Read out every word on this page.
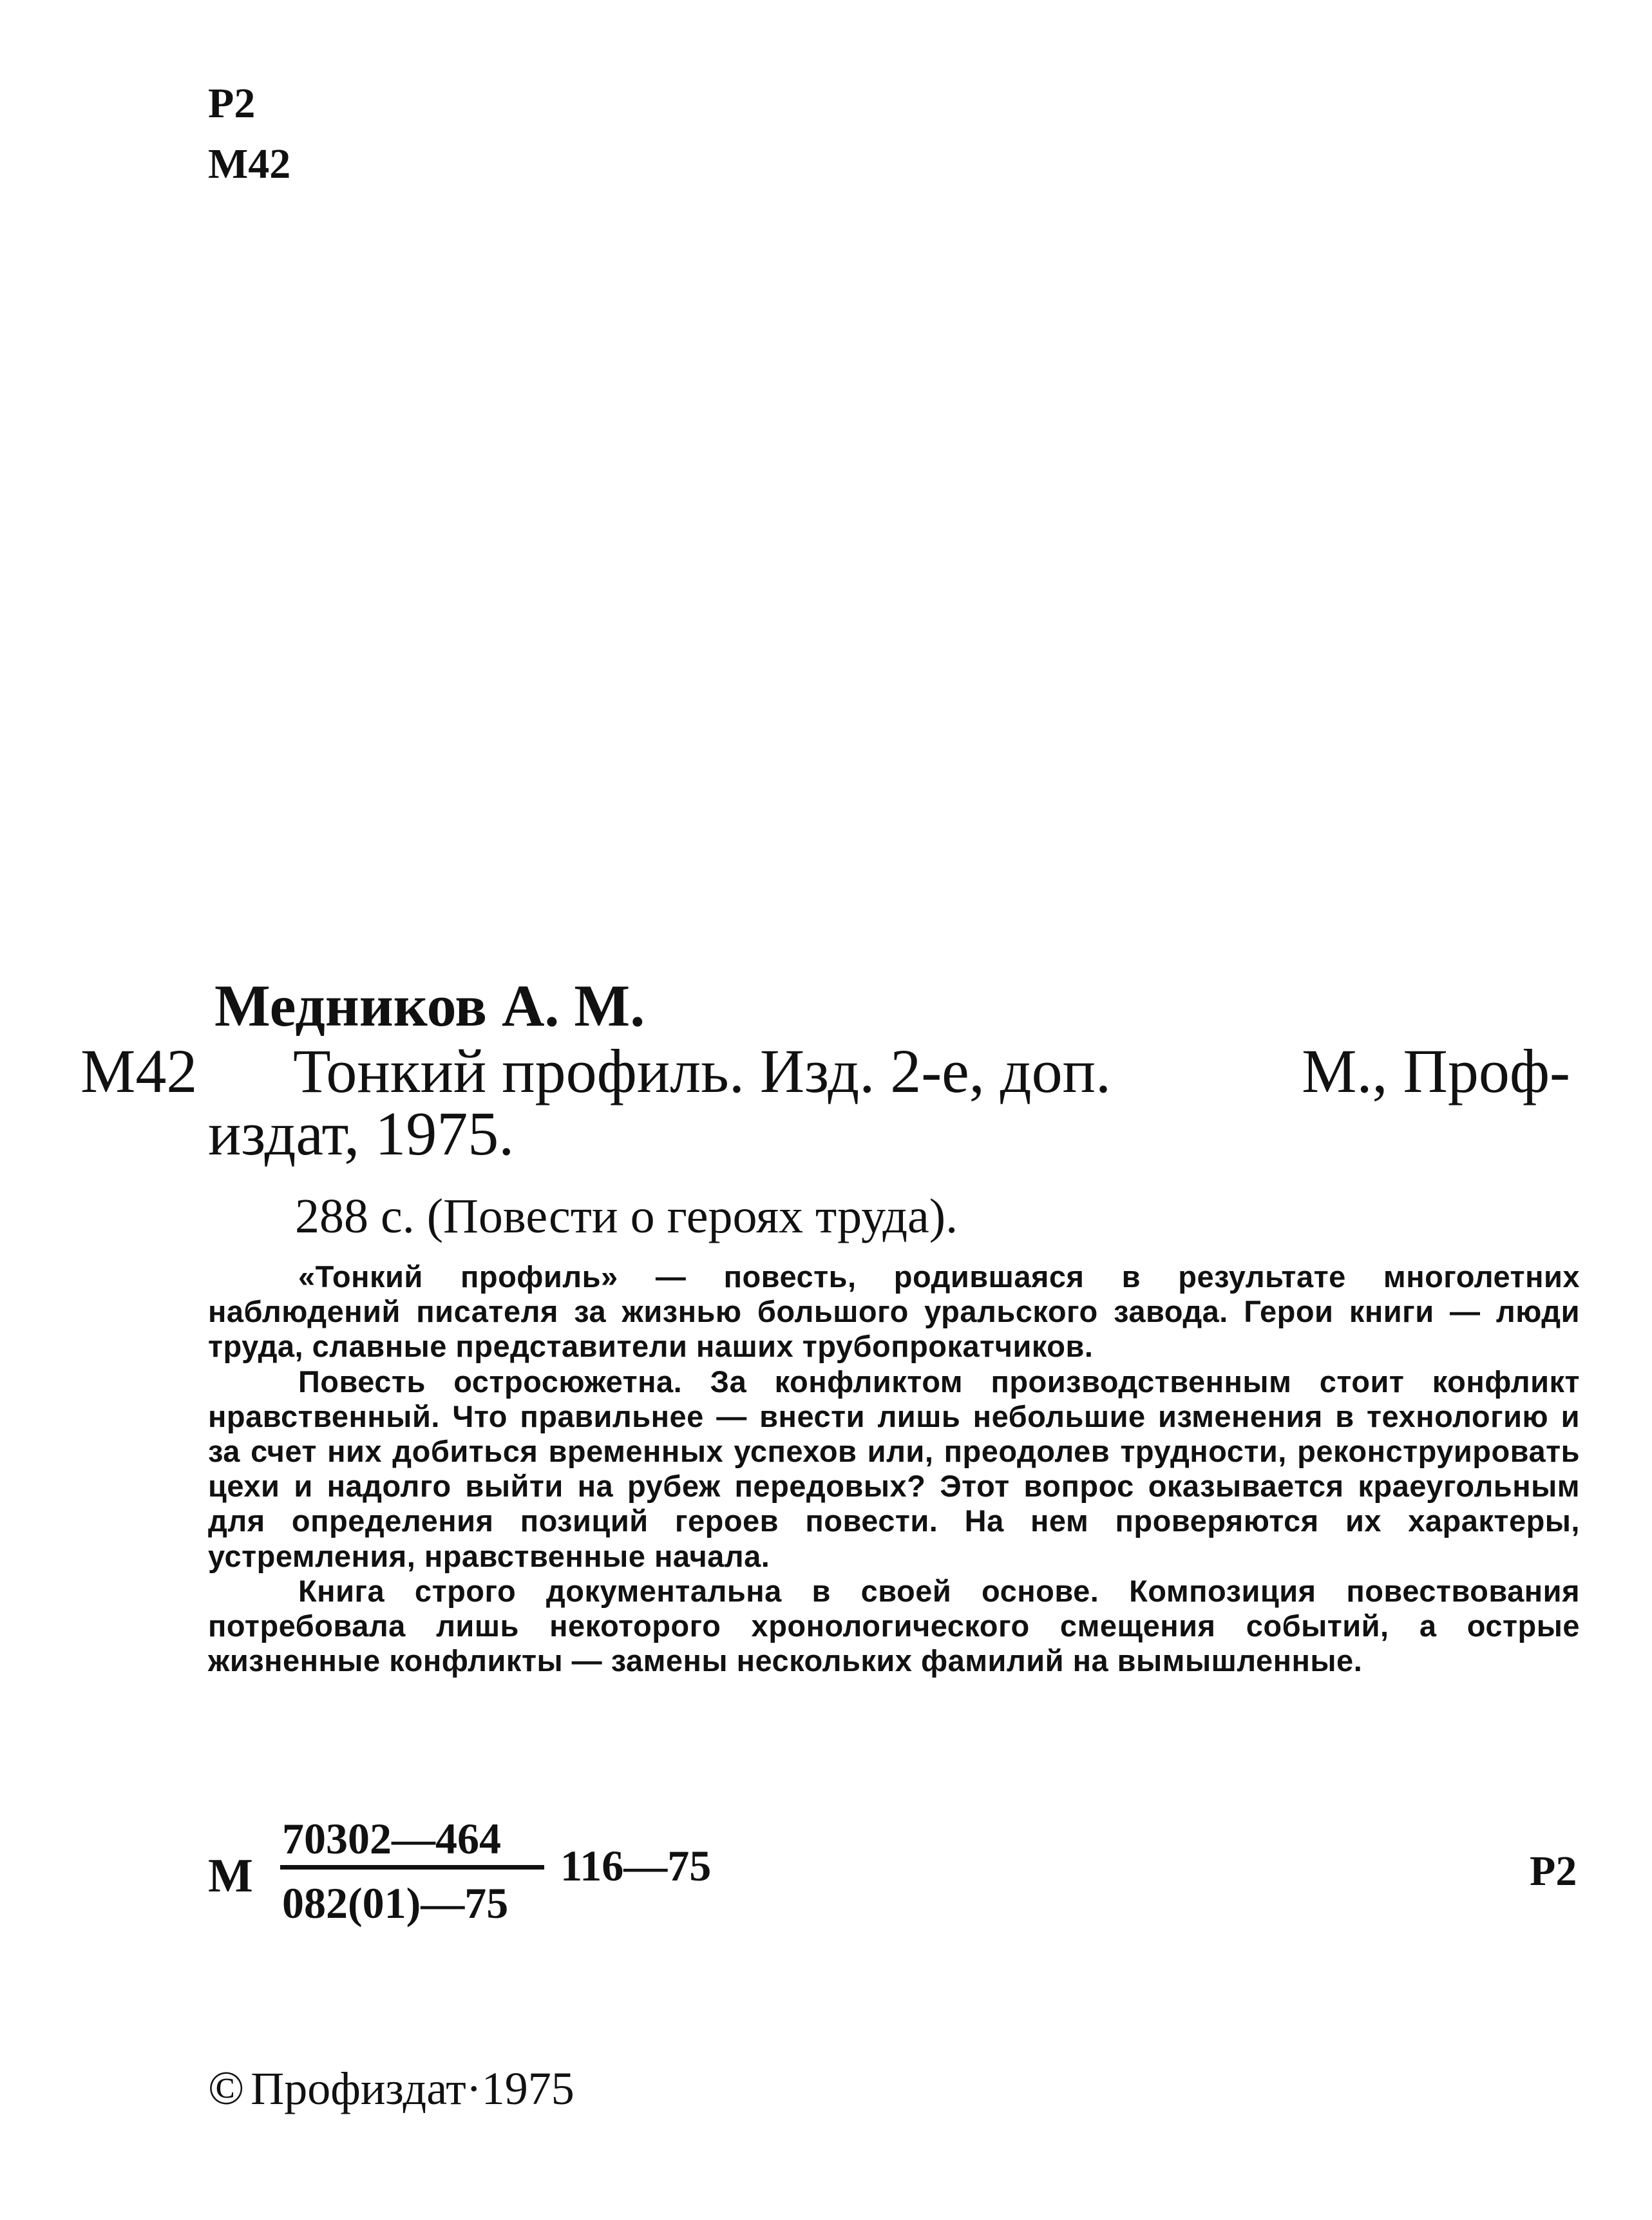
Р2
М42
Медников А. М.
М42 Тонкий профиль. Изд. 2-е, доп.	М., Проф-
издат, 1975.
288 с. (Повести о героях труда).

«Тонкий профиль» — повесть, родившаяся в результате многолетних наблюдений писателя за жизнью большого уральского завода. Герои книги — люди труда, славные представители наших трубопрокатчиков.

Повесть остросюжетна. За конфликтом производственным стоит конфликт нравственный. Что правильнее — внести лишь небольшие изменения в технологию и за счет них добиться временных успехов или, преодолев трудности, реконструировать цехи и надолго выйти на рубеж передовых? Этот вопрос оказывается краеугольным для определения позиций героев повести. На нем проверяются их характеры, устремления, нравственные начала.

Книга строго документальна в своей основе. Композиция повествования потребовала лишь некоторого хронологического смещения событий, а острые жизненные конфликты — замены нескольких фамилий на вымышленные.

М
70302—464
082(01)—75
116—75	Р2
© Профиздат·1975
